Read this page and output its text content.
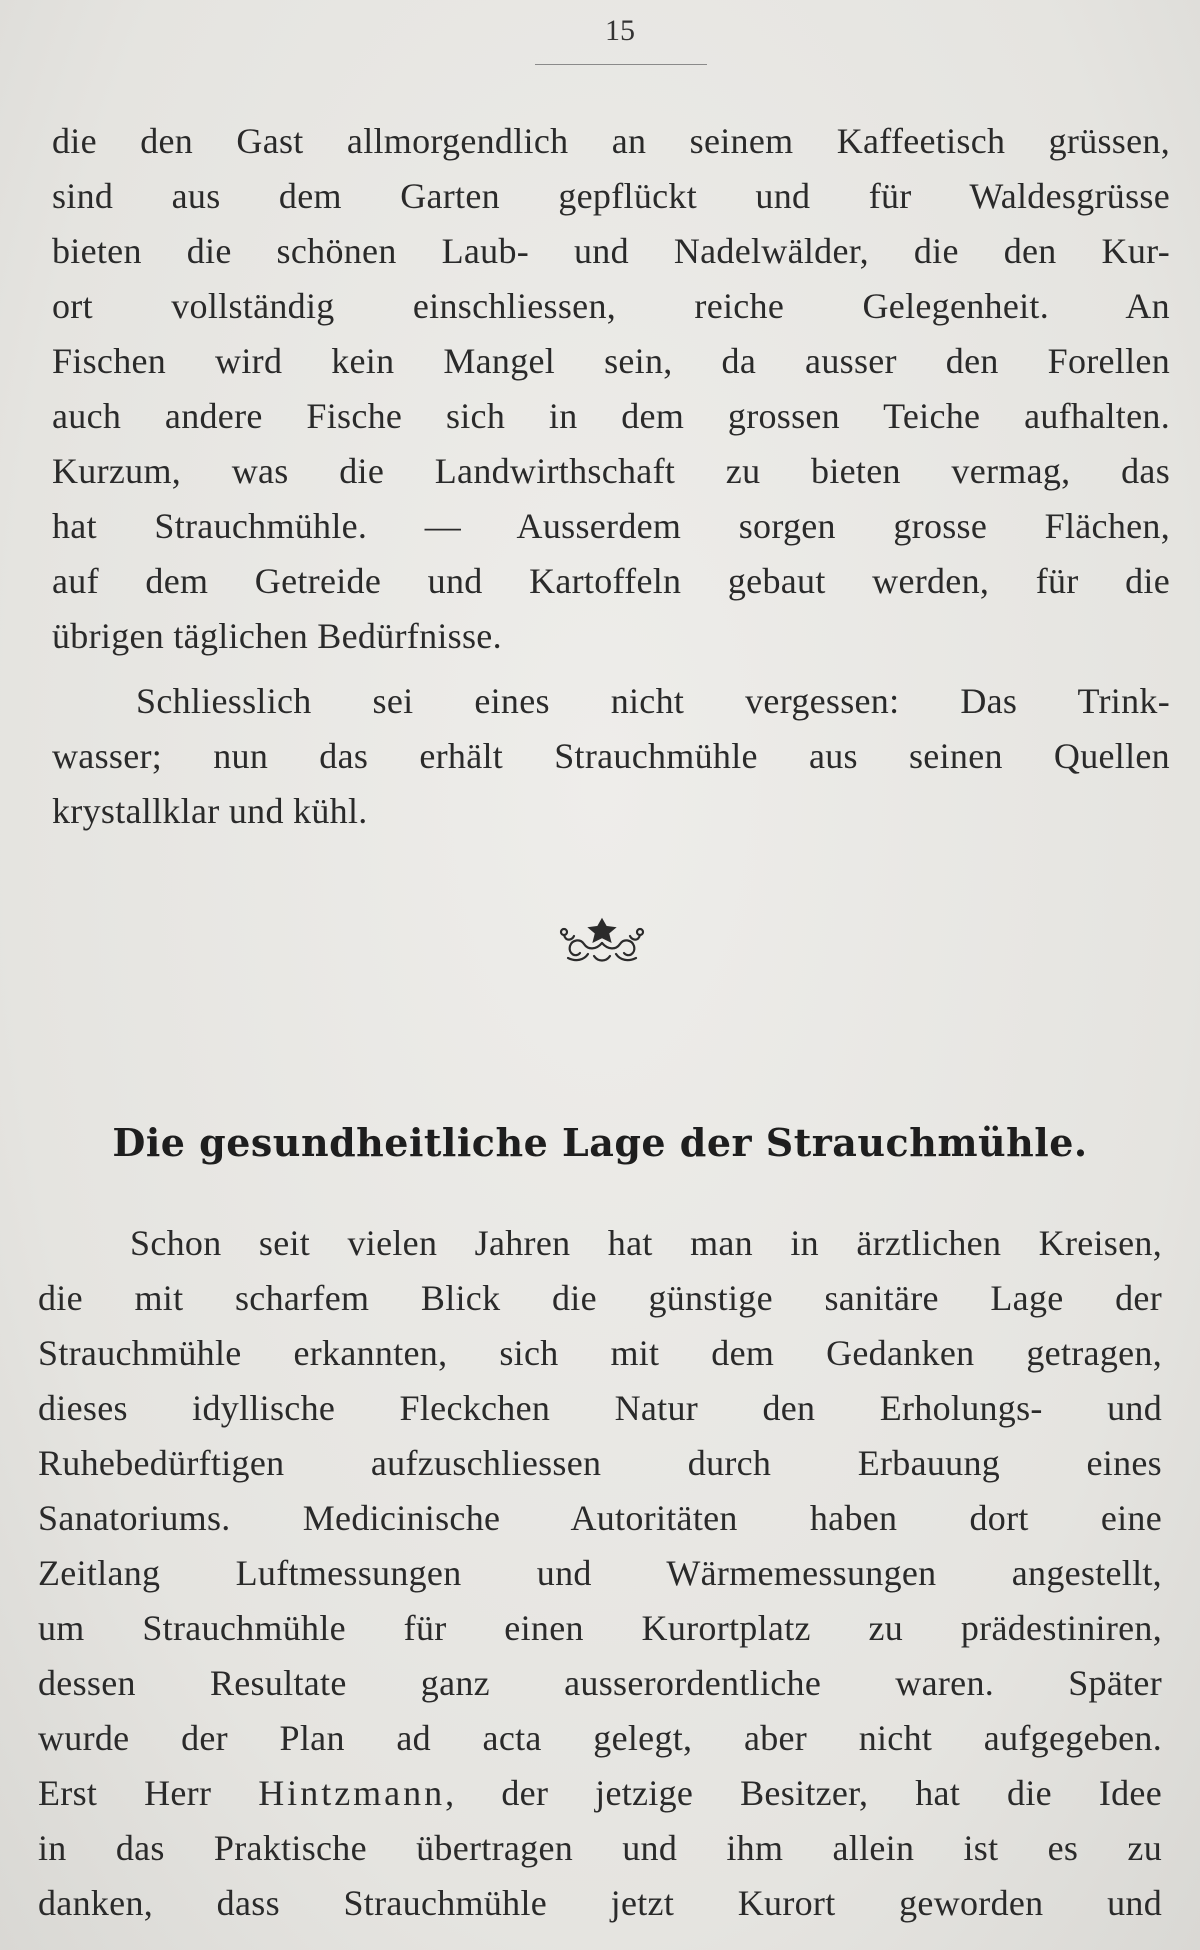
15
die den Gast allmorgendlich an seinem Kaffeetisch grüssen,
sind aus dem Garten gepflückt und für Waldesgrüsse
bieten die schönen Laub- und Nadelwälder, die den Kur-
ort vollständig einschliessen, reiche Gelegenheit. An
Fischen wird kein Mangel sein, da ausser den Forellen
auch andere Fische sich in dem grossen Teiche aufhalten.
Kurzum, was die Landwirthschaft zu bieten vermag, das
hat Strauchmühle. — Ausserdem sorgen grosse Flächen,
auf dem Getreide und Kartoffeln gebaut werden, für die
übrigen täglichen Bedürfnisse.
Schliesslich sei eines nicht vergessen: Das Trink-
wasser; nun das erhält Strauchmühle aus seinen Quellen
krystallklar und kühl.
Die gesundheitliche Lage der Strauchmühle.
Schon seit vielen Jahren hat man in ärztlichen Kreisen,
die mit scharfem Blick die günstige sanitäre Lage der
Strauchmühle erkannten, sich mit dem Gedanken getragen,
dieses idyllische Fleckchen Natur den Erholungs- und
Ruhebedürftigen aufzuschliessen durch Erbauung eines
Sanatoriums. Medicinische Autoritäten haben dort eine
Zeitlang Luftmessungen und Wärmemessungen angestellt,
um Strauchmühle für einen Kurortplatz zu prädestiniren,
dessen Resultate ganz ausserordentliche waren. Später
wurde der Plan ad acta gelegt, aber nicht aufgegeben.
Erst Herr Hintzmann, der jetzige Besitzer, hat die Idee
in das Praktische übertragen und ihm allein ist es zu
danken, dass Strauchmühle jetzt Kurort geworden und
